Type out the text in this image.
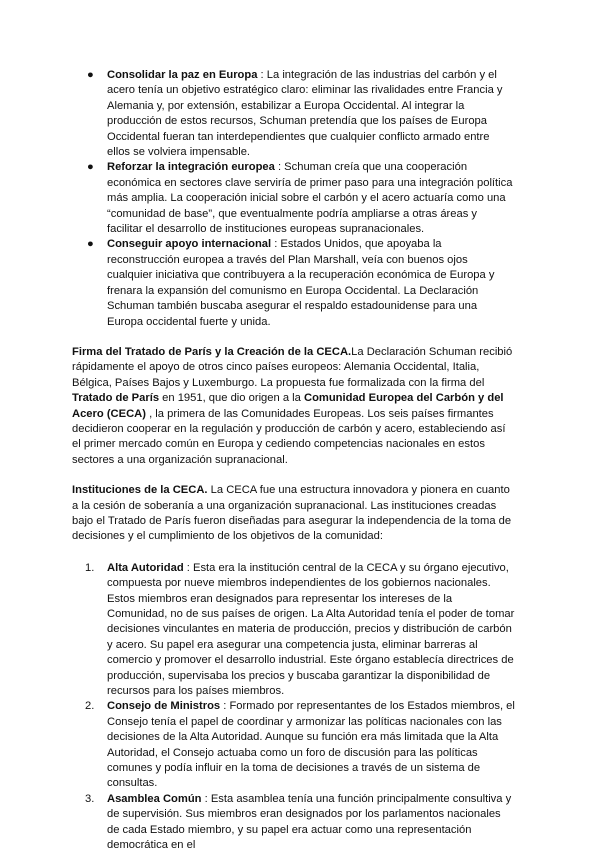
● Consolidar la paz en Europa : La integración de las industrias del carbón y el acero tenía un objetivo estratégico claro: eliminar las rivalidades entre Francia y Alemania y, por extensión, estabilizar a Europa Occidental. Al integrar la producción de estos recursos, Schuman pretendía que los países de Europa Occidental fueran tan interdependientes que cualquier conflicto armado entre ellos se volviera impensable.
● Reforzar la integración europea : Schuman creía que una cooperación económica en sectores clave serviría de primer paso para una integración política más amplia. La cooperación inicial sobre el carbón y el acero actuaría como una “comunidad de base”, que eventualmente podría ampliarse a otras áreas y facilitar el desarrollo de instituciones europeas supranacionales.
● Conseguir apoyo internacional : Estados Unidos, que apoyaba la reconstrucción europea a través del Plan Marshall, veía con buenos ojos cualquier iniciativa que contribuyera a la recuperación económica de Europa y frenara la expansión del comunismo en Europa Occidental. La Declaración Schuman también buscaba asegurar el respaldo estadounidense para una Europa occidental fuerte y unida.

Firma del Tratado de París y la Creación de la CECA.La Declaración Schuman recibió rápidamente el apoyo de otros cinco países europeos: Alemania Occidental, Italia, Bélgica, Países Bajos y Luxemburgo. La propuesta fue formalizada con la firma del Tratado de París en 1951, que dio origen a la Comunidad Europea del Carbón y del Acero (CECA) , la primera de las Comunidades Europeas. Los seis países firmantes decidieron cooperar en la regulación y producción de carbón y acero, estableciendo así el primer mercado común en Europa y cediendo competencias nacionales en estos sectores a una organización supranacional.

Instituciones de la CECA. La CECA fue una estructura innovadora y pionera en cuanto a la cesión de soberanía a una organización supranacional. Las instituciones creadas bajo el Tratado de París fueron diseñadas para asegurar la independencia de la toma de decisiones y el cumplimiento de los objetivos de la comunidad:

1. Alta Autoridad : Esta era la institución central de la CECA y su órgano ejecutivo, compuesta por nueve miembros independientes de los gobiernos nacionales. Estos miembros eran designados para representar los intereses de la Comunidad, no de sus países de origen. La Alta Autoridad tenía el poder de tomar decisiones vinculantes en materia de producción, precios y distribución de carbón y acero. Su papel era asegurar una competencia justa, eliminar barreras al comercio y promover el desarrollo industrial. Este órgano establecía directrices de producción, supervisaba los precios y buscaba garantizar la disponibilidad de recursos para los países miembros.
2. Consejo de Ministros : Formado por representantes de los Estados miembros, el Consejo tenía el papel de coordinar y armonizar las políticas nacionales con las decisiones de la Alta Autoridad. Aunque su función era más limitada que la Alta Autoridad, el Consejo actuaba como un foro de discusión para las políticas comunes y podía influir en la toma de decisiones a través de un sistema de consultas.
3. Asamblea Común : Esta asamblea tenía una función principalmente consultiva y de supervisión. Sus miembros eran designados por los parlamentos nacionales de cada Estado miembro, y su papel era actuar como una representación democrática en el
